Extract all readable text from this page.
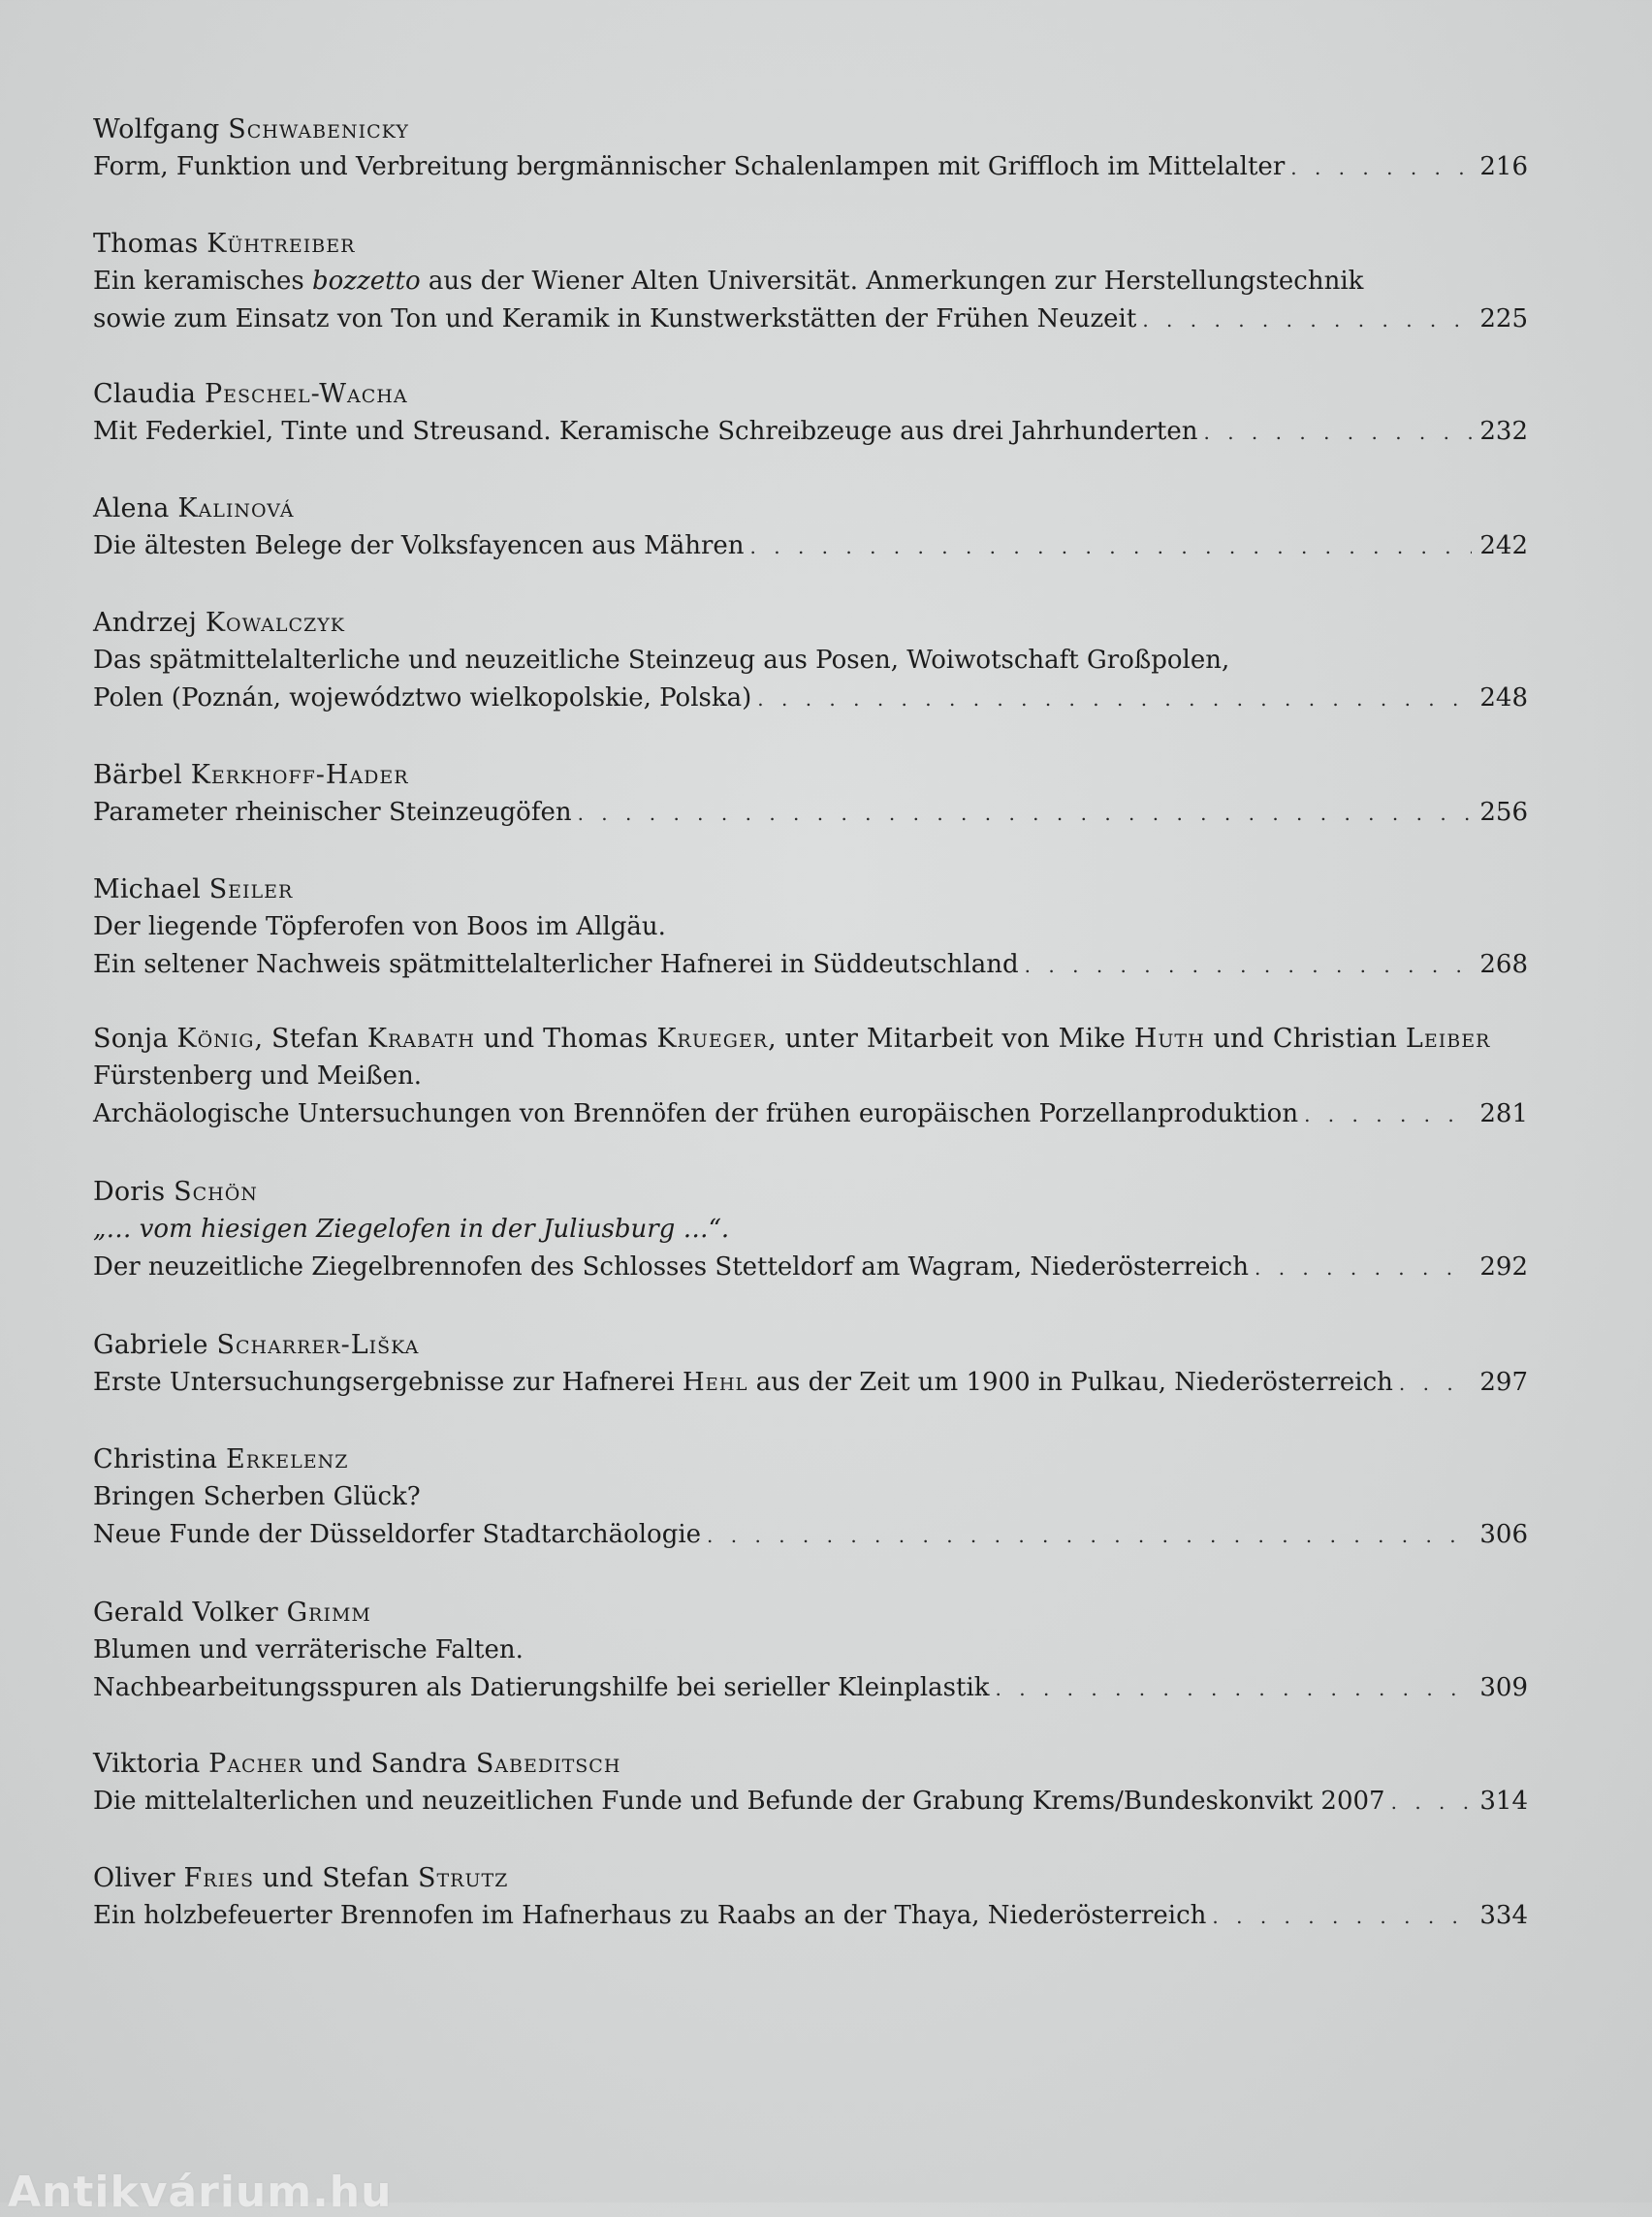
Wolfgang Schwabenicky
Form, Funktion und Verbreitung bergmännischer Schalenlampen mit Griffloch im Mittelalter . . .	216
Thomas Kühtreiber
Ein keramisches bozzetto aus der Wiener Alten Universität. Anmerkungen zur Herstellungstechnik
sowie zum Einsatz von Ton und Keramik in Kunstwerkstätten der Frühen Neuzeit . . .	225
Claudia Peschel-Wacha
Mit Federkiel, Tinte und Streusand. Keramische Schreibzeuge aus drei Jahrhunderten . . .	232
Alena Kalinová
Die ältesten Belege der Volksfayencen aus Mähren . . .	242
Andrzej Kowalczyk
Das spätmittelalterliche und neuzeitliche Steinzeug aus Posen, Woiwotschaft Großpolen,
Polen (Poznán, województwo wielkopolskie, Polska) . . .	248
Bärbel Kerkhoff-Hader
Parameter rheinischer Steinzeugöfen . . .	256
Michael Seiler
Der liegende Töpferofen von Boos im Allgäu.
Ein seltener Nachweis spätmittelalterlicher Hafnerei in Süddeutschland . . .	268
Sonja König, Stefan Krabath und Thomas Krueger, unter Mitarbeit von Mike Huth und Christian Leiber
Fürstenberg und Meißen.
Archäologische Untersuchungen von Brennöfen der frühen europäischen Porzellanproduktion . . .	281
Doris Schön
„… vom hiesigen Ziegelofen in der Juliusburg …“.
Der neuzeitliche Ziegelbrennofen des Schlosses Stetteldorf am Wagram, Niederösterreich . . .	292
Gabriele Scharrer-Liška
Erste Untersuchungsergebnisse zur Hafnerei Hehl aus der Zeit um 1900 in Pulkau, Niederösterreich . . .	297
Christina Erkelenz
Bringen Scherben Glück?
Neue Funde der Düsseldorfer Stadtarchäologie . . .	306
Gerald Volker Grimm
Blumen und verräterische Falten.
Nachbearbeitungsspuren als Datierungshilfe bei serieller Kleinplastik . . .	309
Viktoria Pacher und Sandra Sabeditsch
Die mittelalterlichen und neuzeitlichen Funde und Befunde der Grabung Krems/Bundeskonvikt 2007 . . .	314
Oliver Fries und Stefan Strutz
Ein holzbefeuerter Brennofen im Hafnerhaus zu Raabs an der Thaya, Niederösterreich . . .	334
Antikvárium.hu
